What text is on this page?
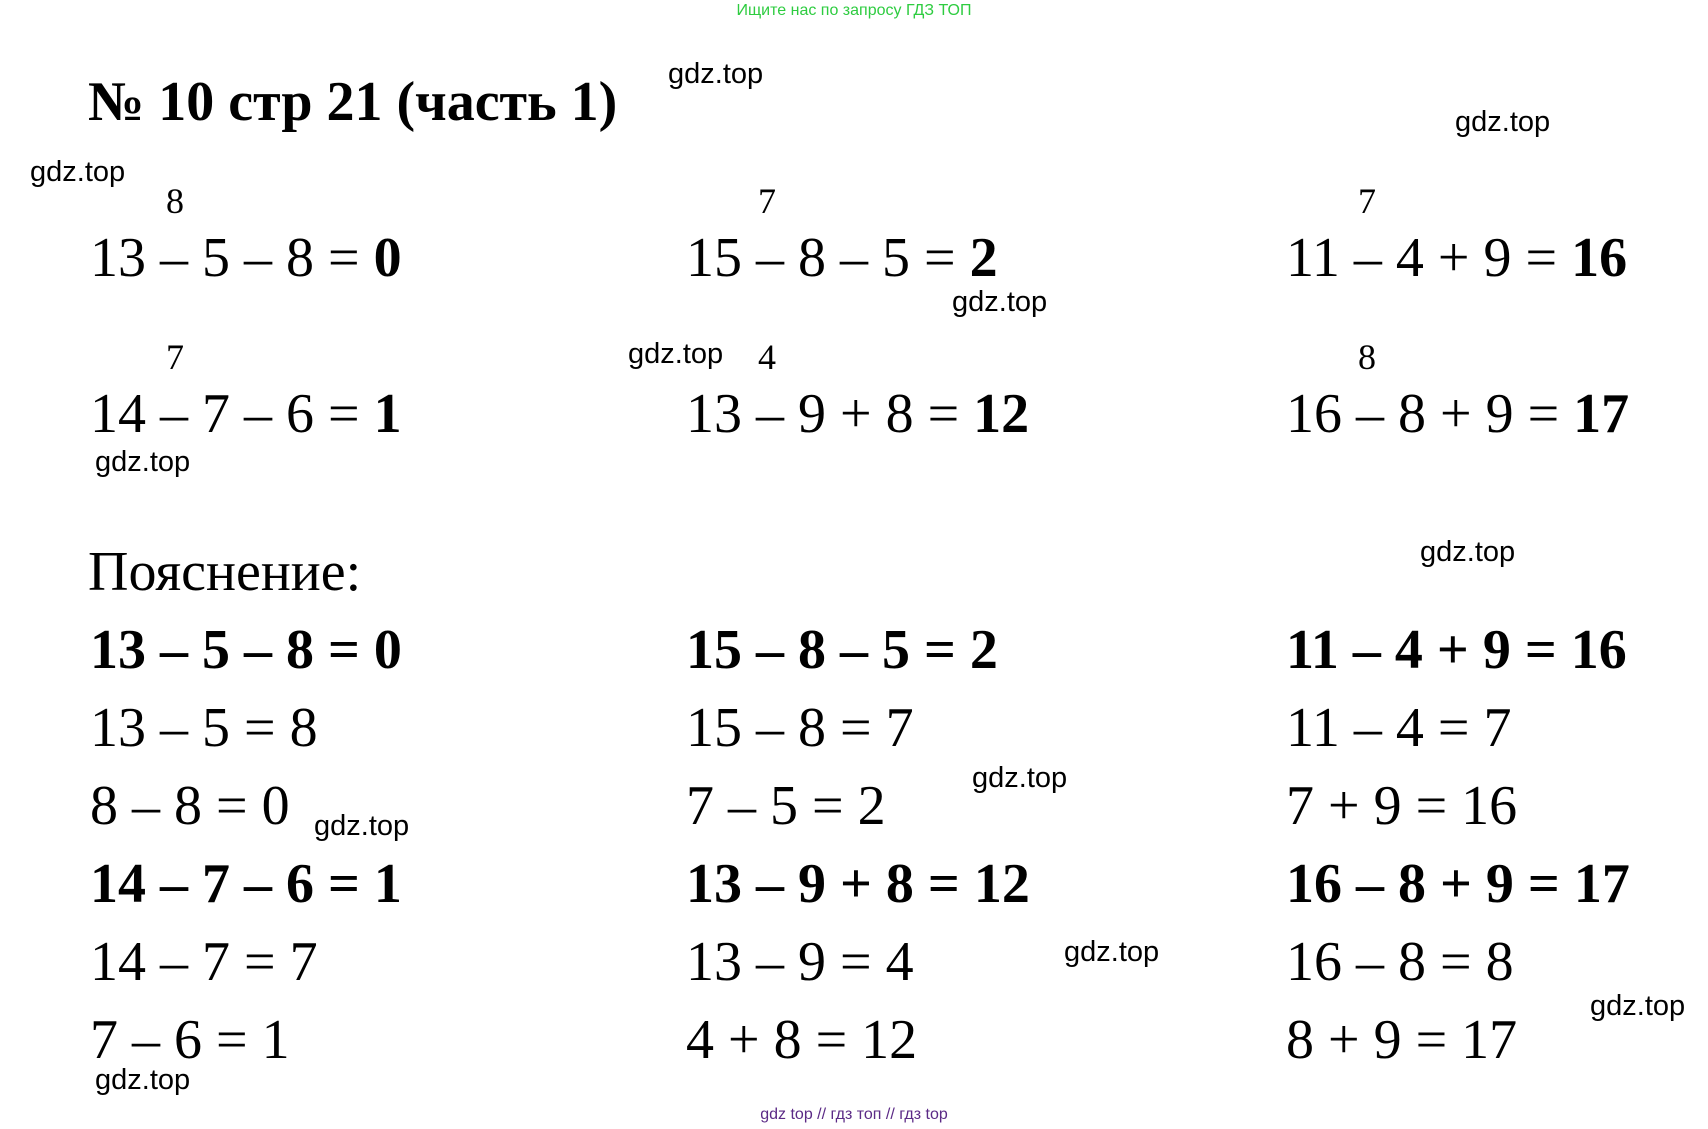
Ищите нас по запросу ГДЗ ТОП
№ 10 стр 21 (часть 1) gdz.top
gdz.top
gdz.top
gdz.top
gdz.top
gdz.top
gdz.top
gdz.top
gdz.top
gdz.top
gdz.top
gdz.top
8
13 – 5 – 8 = 0
7
15 – 8 – 5 = 2
7
11 – 4 + 9 = 16
7
14 – 7 – 6 = 1
4
13 – 9 + 8 = 12
8
16 – 8 + 9 = 17
Пояснение:
13 – 5 – 8 = 0
13 – 5 = 8
8 – 8 = 0
14 – 7 – 6 = 1
14 – 7 = 7
7 – 6 = 1
15 – 8 – 5 = 2
15 – 8 = 7
7 – 5 = 2
13 – 9 + 8 = 12
13 – 9 = 4
4 + 8 = 12
11 – 4 + 9 = 16
11 – 4 = 7
7 + 9 = 16
16 – 8 + 9 = 17
16 – 8 = 8
8 + 9 = 17
gdz top // гдз топ // гдз top
